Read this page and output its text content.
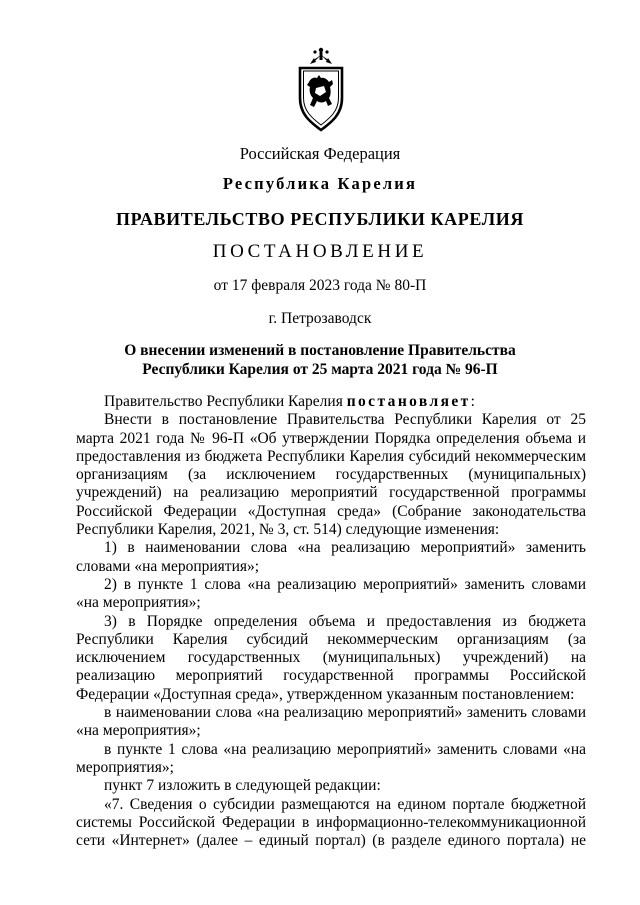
Российская Федерация
Республика Карелия
ПРАВИТЕЛЬСТВО РЕСПУБЛИКИ КАРЕЛИЯ
ПОСТАНОВЛЕНИЕ
от 17 февраля 2023 года № 80-П
г. Петрозаводск
О внесении изменений в постановление Правительства
Республики Карелия от 25 марта 2021 года № 96-П

Правительство Республики Карелия постановляет:

Внести в постановление Правительства Республики Карелия от 25 марта 2021 года № 96-П «Об утверждении Порядка определения объема и предоставления из бюджета Республики Карелия субсидий некоммерческим организациям (за исключением государственных (муниципальных) учреждений) на реализацию мероприятий государственной программы Российской Федерации «Доступная среда» (Собрание законодательства Республики Карелия, 2021, № 3, ст. 514) следующие изменения:

1) в наименовании слова «на реализацию мероприятий» заменить словами «на мероприятия»;

2) в пункте 1 слова «на реализацию мероприятий» заменить словами «на мероприятия»;

3) в Порядке определения объема и предоставления из бюджета Республики Карелия субсидий некоммерческим организациям (за исключением государственных (муниципальных) учреждений) на реализацию мероприятий государственной программы Российской Федерации «Доступная среда», утвержденном указанным постановлением:

в наименовании слова «на реализацию мероприятий» заменить словами «на мероприятия»;

в пункте 1 слова «на реализацию мероприятий» заменить словами «на мероприятия»;

пункт 7 изложить в следующей редакции:

«7. Сведения о субсидии размещаются на едином портале бюджетной системы Российской Федерации в информационно-телекоммуникационной сети «Интернет» (далее – единый портал) (в разделе единого портала) не
